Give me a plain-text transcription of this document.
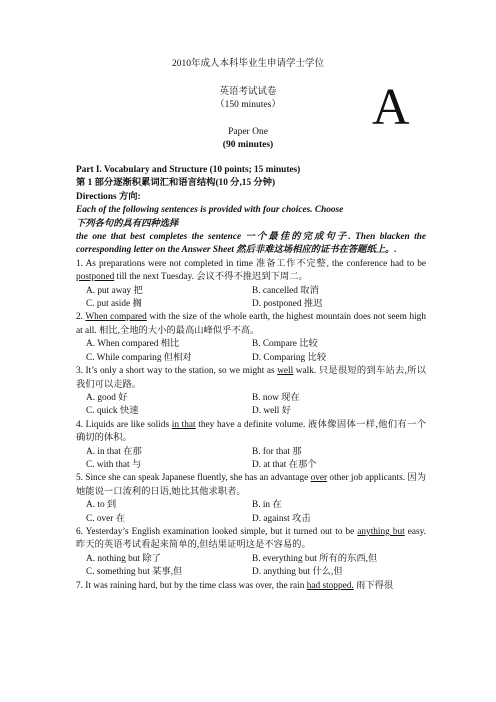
2010年成人本科毕业生申请学士学位
英语考试试卷
（150 minutes）	A
Paper One
(90 minutes)

Part I. Vocabulary and Structure (10 points; 15 minutes)

第 1 部分逐渐积累词汇和语言结构(10 分,15 分钟)

Directions 方向:

Each of the following sentences is provided with four choices. Choose

下列各句的具有四种选择

the one that best completes the sentence 一个最佳的完成句子. Then blacken the corresponding letter on the Answer Sheet 然后非难这场相应的证书在答题纸上。.

1. As preparations were not completed in time 准备工作不完整, the conference had to be postponed till the next Tuesday. 会议不得不推迟到下周二。

A. put away 把	B. cancelled 取消
C. put aside 搁	D. postponed 推迟

2. When compared with the size of the whole earth, the highest mountain does not seem high at all. 相比,全地的大小的最高山峰似乎不高。

A. When compared 相比	B. Compare 比较
C. While comparing 但相对	D. Comparing 比较

3. It’s only a short way to the station, so we might as well walk. 只是很短的到车站去,所以我们可以走路。

A. good 好	B. now 现在
C. quick 快速	D. well 好

4. Liquids are like solids in that they have a definite volume. 液体像固体一样,他们有一个确切的体积。

A. in that 在那	B. for that 那
C. with that 与	D. at that 在那个

5. Since she can speak Japanese fluently, she has an advantage over other job applicants. 因为她能说一口流利的日语,她比其他求职者。

A. to 到	B. in 在
C. over 在	D. against 攻击

6. Yesterday’s English examination looked simple, but it turned out to be anything but easy. 昨天的英语考试看起来简单的,但结果证明这是不容易的。

A. nothing but 除了	B. everything but 所有的东西,但
C. something but 某事,但	D. anything but 什么,但

7. It was raining hard, but by the time class was over, the rain had stopped. 雨下得很
